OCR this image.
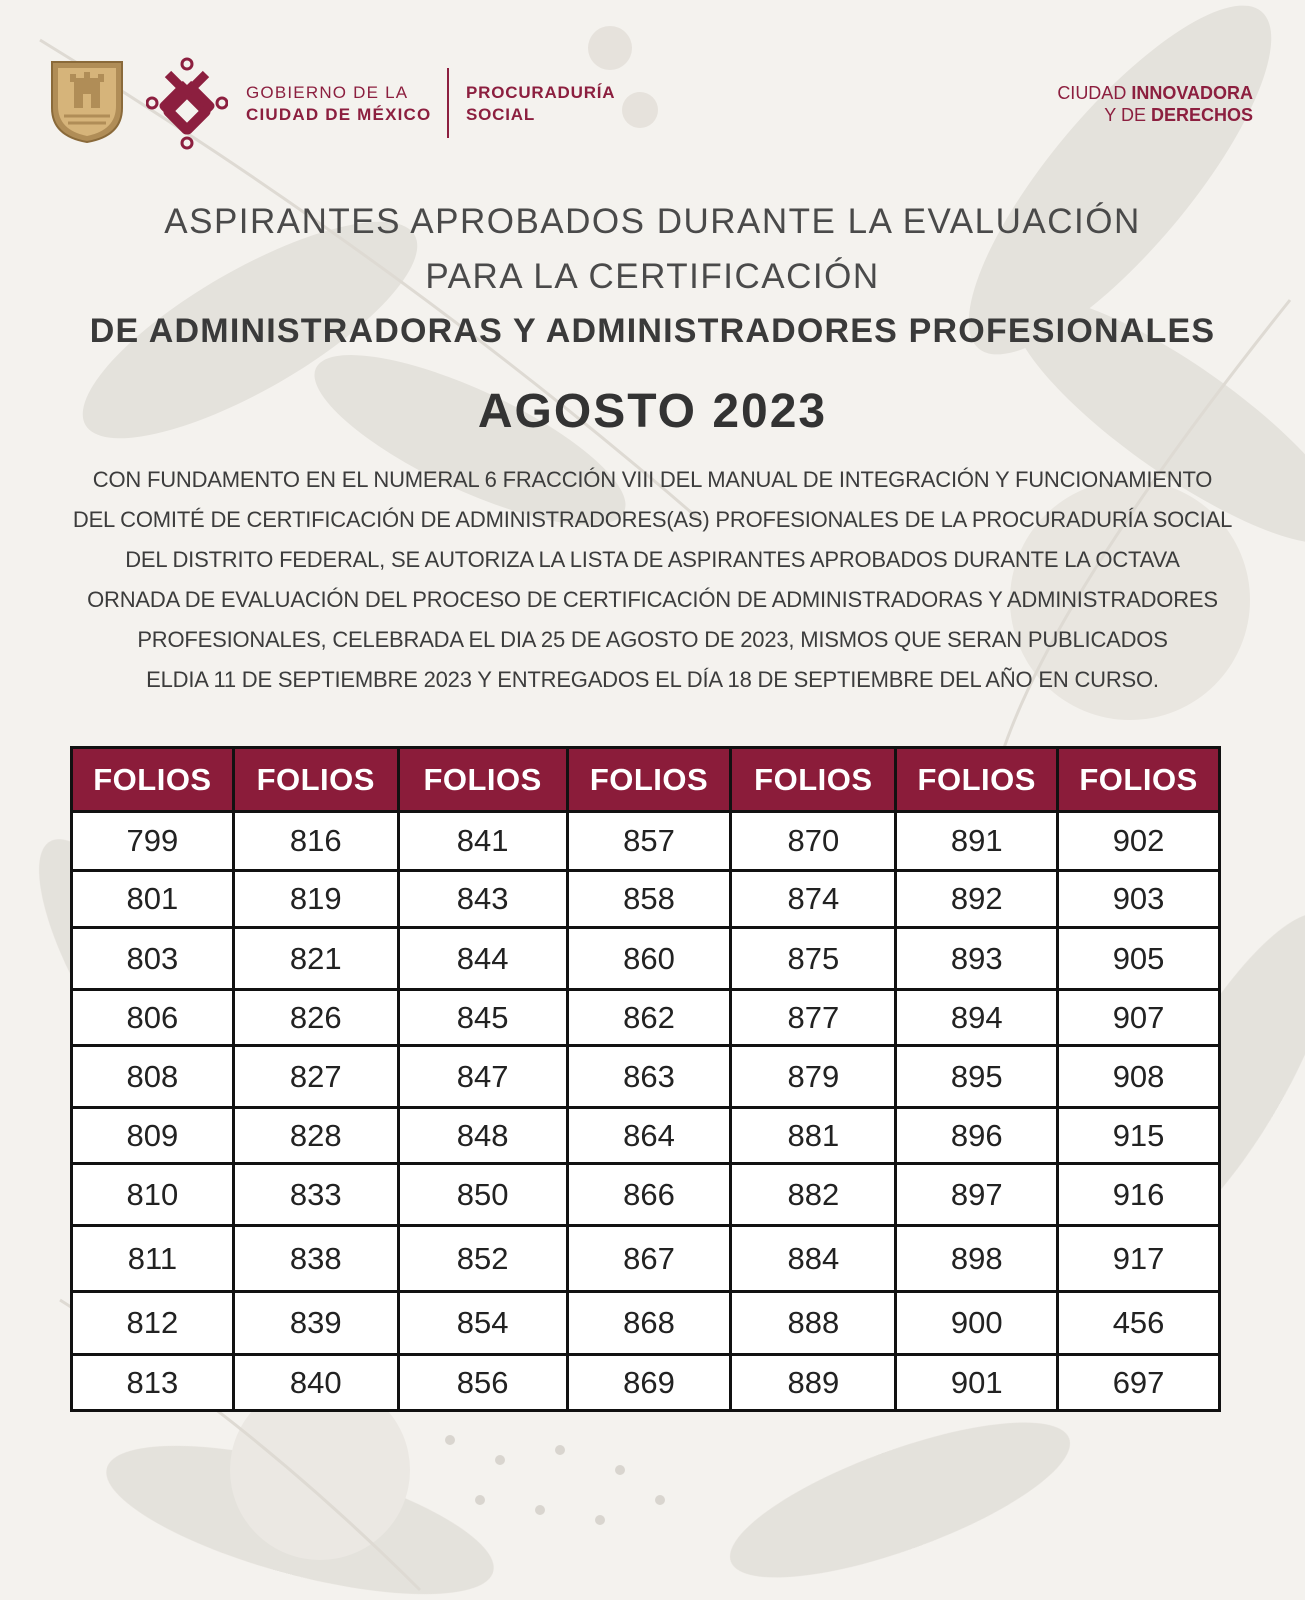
GOBIERNO DE LA
CIUDAD DE MÉXICO
PROCURADURÍA
SOCIAL
CIUDAD INNOVADORA
Y DE DERECHOS
ASPIRANTES APROBADOS DURANTE LA EVALUACIÓN
PARA LA CERTIFICACIÓN
DE ADMINISTRADORAS Y ADMINISTRADORES PROFESIONALES
AGOSTO 2023
CON FUNDAMENTO EN EL NUMERAL 6 FRACCIÓN VIII DEL MANUAL DE INTEGRACIÓN Y FUNCIONAMIENTO
DEL COMITÉ DE CERTIFICACIÓN DE ADMINISTRADORES(AS) PROFESIONALES DE LA PROCURADURÍA SOCIAL
DEL DISTRITO FEDERAL, SE AUTORIZA LA LISTA DE ASPIRANTES APROBADOS DURANTE LA OCTAVA
ORNADA DE EVALUACIÓN DEL PROCESO DE CERTIFICACIÓN DE ADMINISTRADORAS Y ADMINISTRADORES
PROFESIONALES, CELEBRADA EL DIA 25 DE AGOSTO DE 2023, MISMOS QUE SERAN PUBLICADOS
ELDIA 11 DE SEPTIEMBRE 2023 Y ENTREGADOS EL DÍA 18 DE SEPTIEMBRE DEL AÑO EN CURSO.
FOLIOS	FOLIOS	FOLIOS	FOLIOS	FOLIOS	FOLIOS	FOLIOS
799	816	841	857	870	891	902
801	819	843	858	874	892	903
803	821	844	860	875	893	905
806	826	845	862	877	894	907
808	827	847	863	879	895	908
809	828	848	864	881	896	915
810	833	850	866	882	897	916
811	838	852	867	884	898	917
812	839	854	868	888	900	456
813	840	856	869	889	901	697
